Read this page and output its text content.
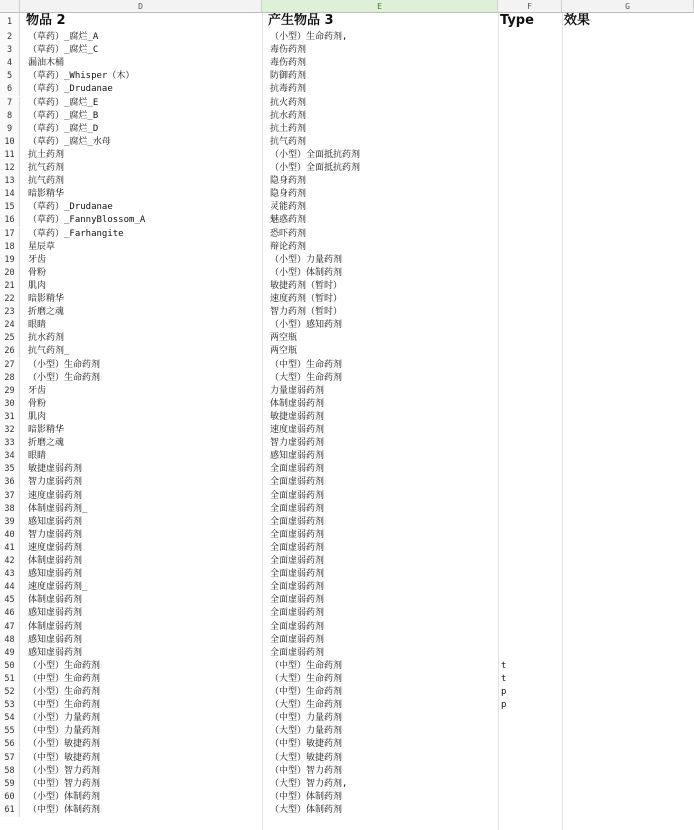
D	E	F	G
1	物品 2	产生物品 3	Type	效果
2	（草药）_腐烂_A	（小型）生命药剂,
3	（草药）_腐烂_C	毒伤药剂
4	漏油木桶	毒伤药剂
5	（草药）_Whisper（木）	防御药剂
6	（草药）_Drudanae	抗毒药剂
7	（草药）_腐烂_E	抗火药剂
8	（草药）_腐烂_B	抗水药剂
9	（草药）_腐烂_D	抗土药剂
10	（草药）_腐烂_水母	抗气药剂
11	抗土药剂	（小型）全面抵抗药剂
12	抗气药剂	（小型）全面抵抗药剂
13	抗气药剂	隐身药剂
14	暗影精华	隐身药剂
15	（草药）_Drudanae	灵能药剂
16	（草药）_FannyBlossom_A	魅惑药剂
17	（草药）_Farhangite	恐吓药剂
18	星辰草	辩论药剂
19	牙齿	（小型）力量药剂
20	骨粉	（小型）体制药剂
21	肌肉	敏捷药剂（暂时）
22	暗影精华	速度药剂（暂时）
23	折磨之魂	智力药剂（暂时）
24	眼睛	（小型）感知药剂
25	抗水药剂	两空瓶
26	抗气药剂_	两空瓶
27	（小型）生命药剂	（中型）生命药剂
28	（小型）生命药剂	（大型）生命药剂
29	牙齿	力量虚弱药剂
30	骨粉	体制虚弱药剂
31	肌肉	敏捷虚弱药剂
32	暗影精华	速度虚弱药剂
33	折磨之魂	智力虚弱药剂
34	眼睛	感知虚弱药剂
35	敏捷虚弱药剂	全面虚弱药剂
36	智力虚弱药剂	全面虚弱药剂
37	速度虚弱药剂	全面虚弱药剂
38	体制虚弱药剂_	全面虚弱药剂
39	感知虚弱药剂	全面虚弱药剂
40	智力虚弱药剂	全面虚弱药剂
41	速度虚弱药剂	全面虚弱药剂
42	体制虚弱药剂	全面虚弱药剂
43	感知虚弱药剂	全面虚弱药剂
44	速度虚弱药剂_	全面虚弱药剂
45	体制虚弱药剂	全面虚弱药剂
46	感知虚弱药剂	全面虚弱药剂
47	体制虚弱药剂	全面虚弱药剂
48	感知虚弱药剂	全面虚弱药剂
49	感知虚弱药剂	全面虚弱药剂
50	（小型）生命药剂	（中型）生命药剂	t
51	（中型）生命药剂	（大型）生命药剂	t
52	（小型）生命药剂	（中型）生命药剂	p
53	（中型）生命药剂	（大型）生命药剂	p
54	（小型）力量药剂	（中型）力量药剂
55	（中型）力量药剂	（大型）力量药剂
56	（小型）敏捷药剂	（中型）敏捷药剂
57	（中型）敏捷药剂	（大型）敏捷药剂
58	（小型）智力药剂	（中型）智力药剂
59	（中型）智力药剂	（大型）智力药剂,
60	（小型）体制药剂	（中型）体制药剂
61	（中型）体制药剂	（大型）体制药剂
